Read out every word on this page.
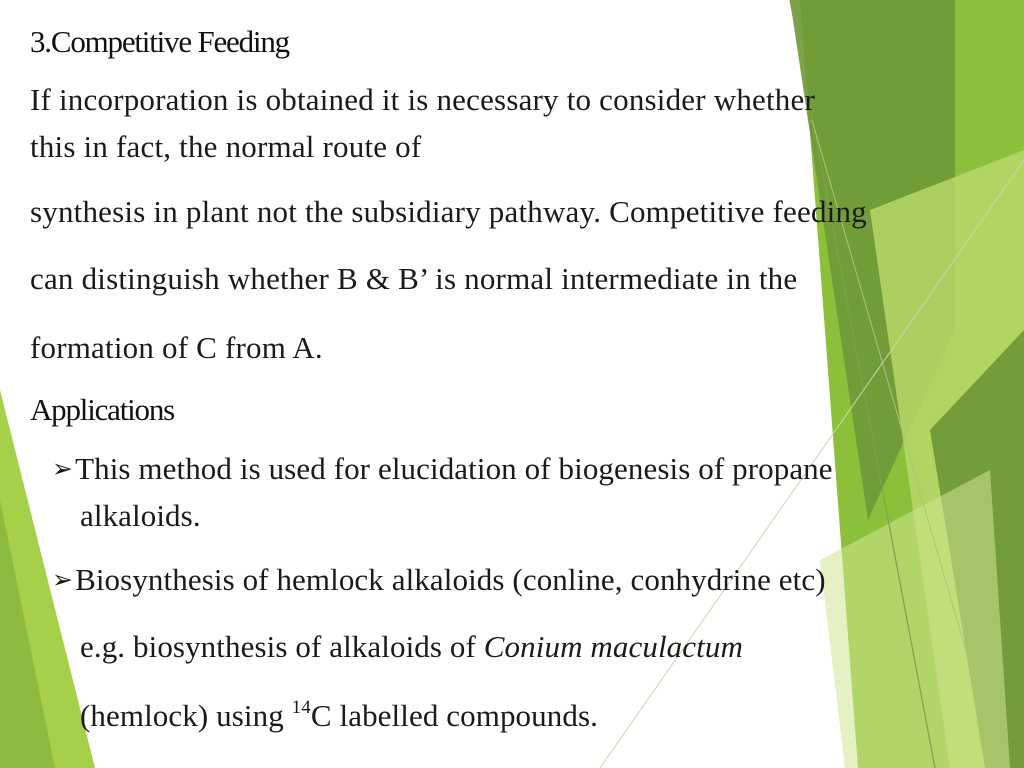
3.Competitive Feeding
If incorporation is obtained it is necessary to consider whether
this in fact, the normal route of
synthesis in plant not the subsidiary pathway. Competitive feeding
can distinguish whether B & B’ is normal intermediate in the
formation of C from A.
Applications
➢This method is used for elucidation of biogenesis of propane
alkaloids.
➢Biosynthesis of hemlock alkaloids (conline, conhydrine etc)
e.g. biosynthesis of alkaloids of Conium maculactum
(hemlock) using $^{14}$C labelled compounds.
